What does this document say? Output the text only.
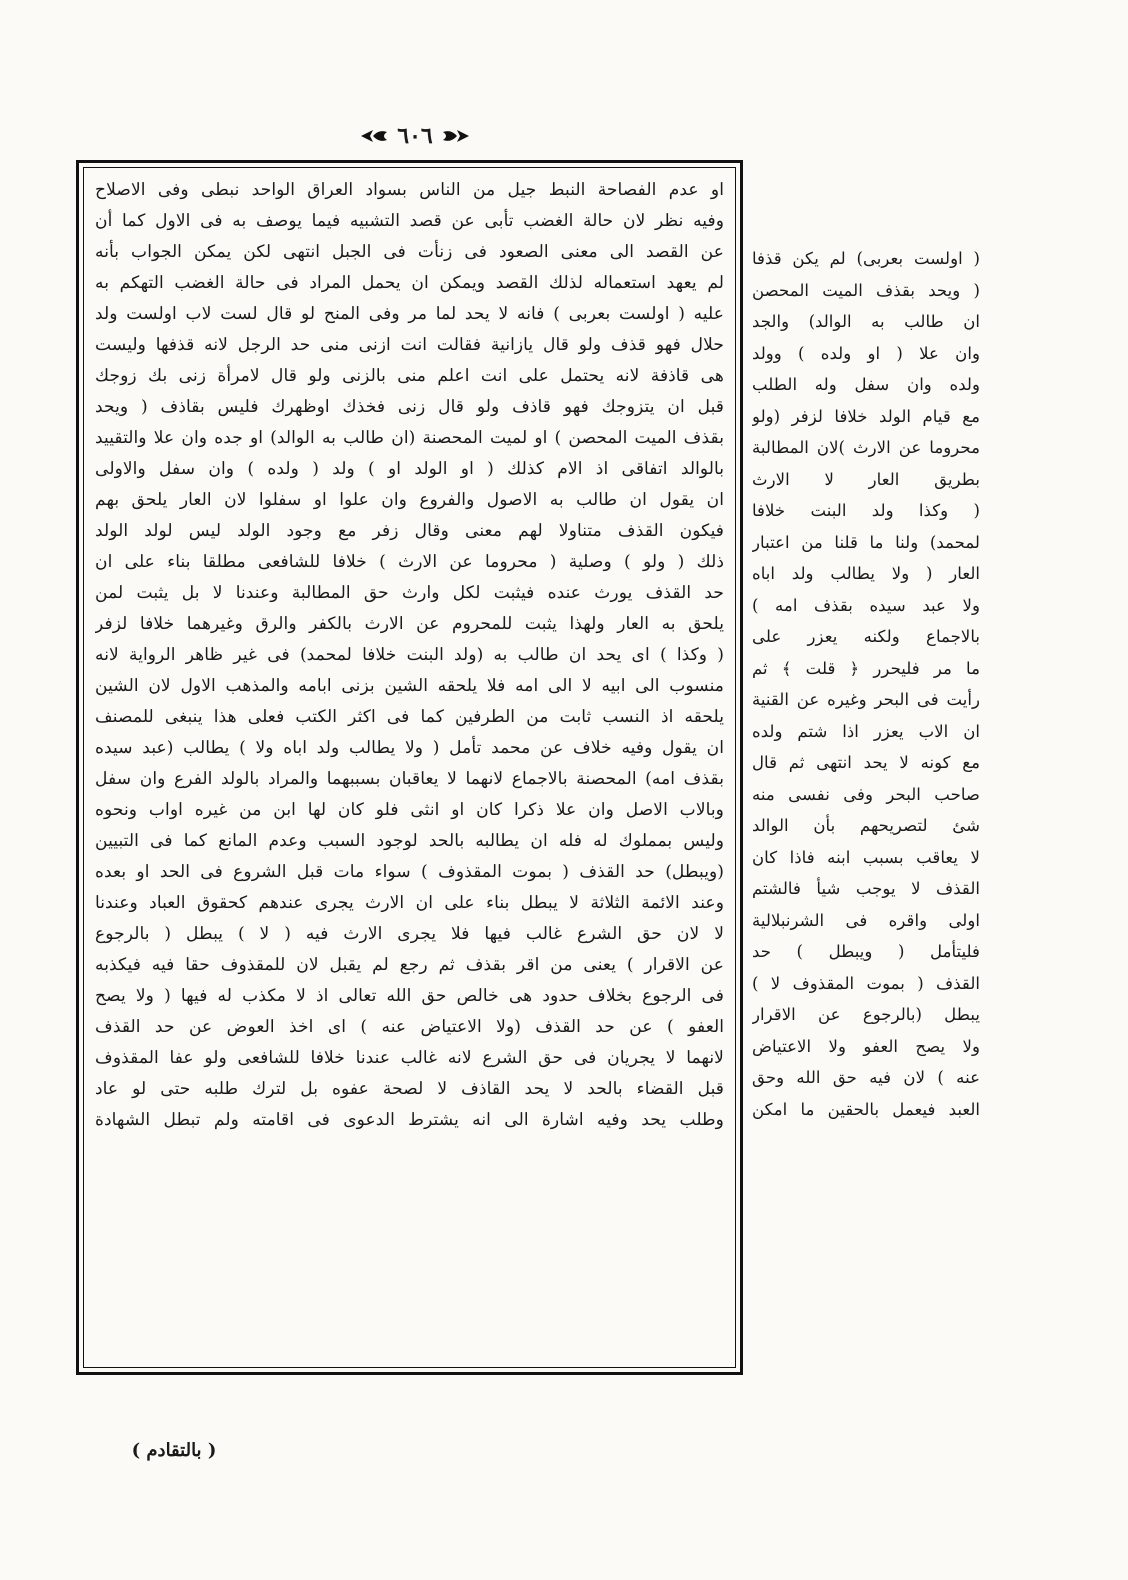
٦٠٦
او عدم الفصاحة النبط جيل من الناس بسواد العراق الواحد نبطى وفى الاصلاح
وفيه نظر لان حالة الغضب تأبى عن قصد التشبيه فيما يوصف به فى الاول كما أن
عن القصد الى معنى الصعود فى زنأت فى الجبل انتهى لكن يمكن الجواب بأنه
لم يعهد استعماله لذلك القصد ويمكن ان يحمل المراد فى حالة الغضب التهكم به
عليه ( اولست بعربى ) فانه لا يحد لما مر وفى المنح لو قال لست لاب اولست ولد
حلال فهو قذف ولو قال يازانية فقالت انت ازنى منى حد الرجل لانه قذفها وليست
هى قاذفة لانه يحتمل على انت اعلم منى بالزنى ولو قال لامرأة زنى بك زوجك
قبل ان يتزوجك فهو قاذف ولو قال زنى فخذك اوظهرك فليس بقاذف ( ويحد
بقذف الميت المحصن ) او لميت المحصنة (ان طالب به الوالد) او جده وان علا والتقييد
بالوالد اتفاقى اذ الام كذلك ( او الولد او ) ولد ( ولده ) وان سفل والاولى
ان يقول ان طالب به الاصول والفروع وان علوا او سفلوا لان العار يلحق بهم
فيكون القذف متناولا لهم معنى وقال زفر مع وجود الولد ليس لولد الولد
ذلك ( ولو ) وصلية ( محروما عن الارث ) خلافا للشافعى مطلقا بناء على ان
حد القذف يورث عنده فيثبت لكل وارث حق المطالبة وعندنا لا بل يثبت لمن
يلحق به العار ولهذا يثبت للمحروم عن الارث بالكفر والرق وغيرهما خلافا لزفر
( وكذا ) اى يحد ان طالب به (ولد البنت خلافا لمحمد) فى غير ظاهر الرواية لانه
منسوب الى ابيه لا الى امه فلا يلحقه الشين بزنى ابامه والمذهب الاول لان الشين
يلحقه اذ النسب ثابت من الطرفين كما فى اكثر الكتب فعلى هذا ينبغى للمصنف
ان يقول وفيه خلاف عن محمد تأمل ( ولا يطالب ولد اباه ولا ) يطالب (عبد سيده
بقذف امه) المحصنة بالاجماع لانهما لا يعاقبان بسببهما والمراد بالولد الفرع وان سفل
وبالاب الاصل وان علا ذكرا كان او انثى فلو كان لها ابن من غيره اواب ونحوه
وليس بمملوك له فله ان يطالبه بالحد لوجود السبب وعدم المانع كما فى التبيين
(ويبطل) حد القذف ( بموت المقذوف ) سواء مات قبل الشروع فى الحد او بعده
وعند الائمة الثلاثة لا يبطل بناء على ان الارث يجرى عندهم كحقوق العباد وعندنا
لا لان حق الشرع غالب فيها فلا يجرى الارث فيه ( لا ) يبطل ( بالرجوع
عن الاقرار ) يعنى من اقر بقذف ثم رجع لم يقبل لان للمقذوف حقا فيه فيكذبه
فى الرجوع بخلاف حدود هى خالص حق الله تعالى اذ لا مكذب له فيها ( ولا يصح
العفو ) عن حد القذف (ولا الاعتياض عنه ) اى اخذ العوض عن حد القذف
لانهما لا يجريان فى حق الشرع لانه غالب عندنا خلافا للشافعى ولو عفا المقذوف
قبل القضاء بالحد لا يحد القاذف لا لصحة عفوه بل لترك طلبه حتى لو عاد
وطلب يحد وفيه اشارة الى انه يشترط الدعوى فى اقامته ولم تبطل الشهادة
( اولست بعربى) لم يكن قذفا
( ويحد بقذف الميت المحصن
ان طالب به الوالد) والجد
وان علا ( او ولده ) وولد
ولده وان سفل وله الطلب
مع قيام الولد خلافا لزفر (ولو
محروما عن الارث )لان المطالبة
بطريق العار لا الارث
( وكذا ولد البنت خلافا
لمحمد) ولنا ما قلنا من اعتبار
العار ( ولا يطالب ولد اباه
ولا عبد سيده بقذف امه )
بالاجماع ولكنه يعزر على
ما مر فليحرر ﴿ قلت ﴾ ثم
رأيت فى البحر وغيره عن القنية
ان الاب يعزر اذا شتم ولده
مع كونه لا يحد انتهى ثم قال
صاحب البحر وفى نفسى منه
شئ لتصريحهم بأن الوالد
لا يعاقب بسبب ابنه فاذا كان
القذف لا يوجب شيأ فالشتم
اولى واقره فى الشرنبلالية
فليتأمل ( ويبطل ) حد
القذف ( بموت المقذوف لا )
يبطل (بالرجوع عن الاقرار
ولا يصح العفو ولا الاعتياض
عنه ) لان فيه حق الله وحق
العبد فيعمل بالحقين ما امكن
( بالتقادم )
